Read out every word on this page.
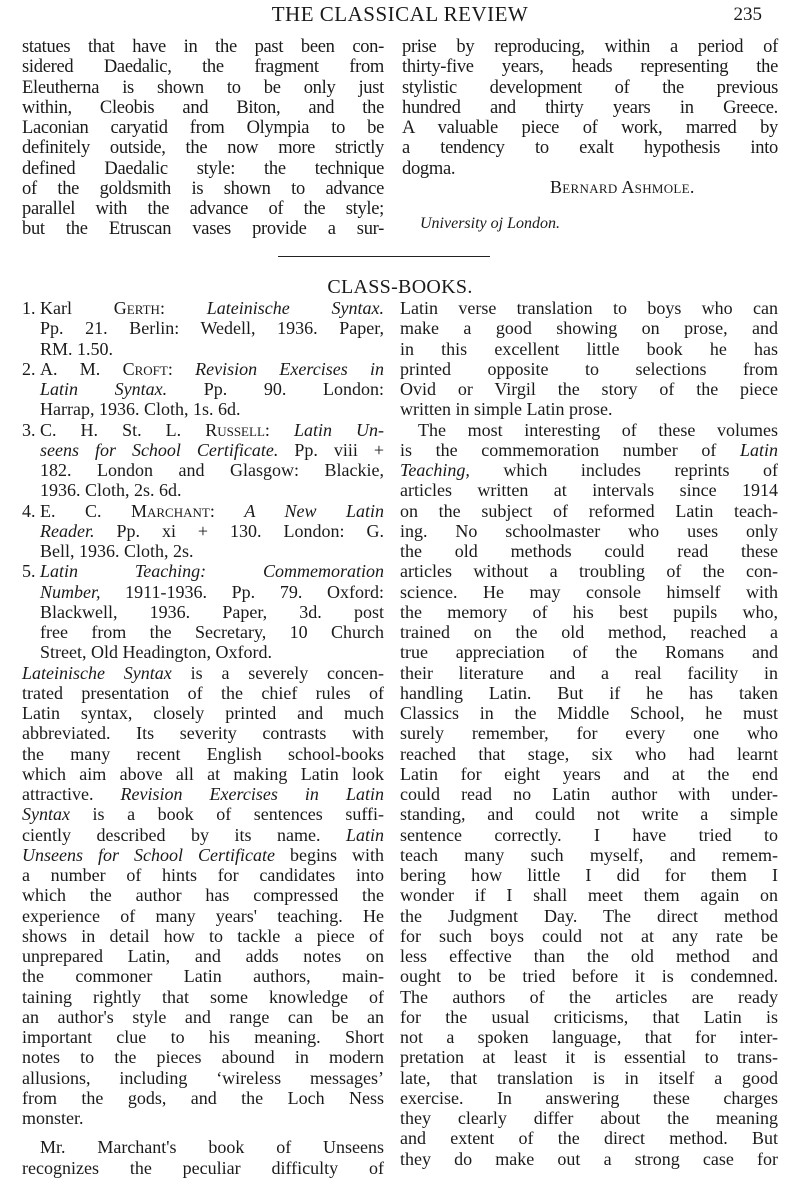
THE CLASSICAL REVIEW	235
statues that have in the past been con-
sidered Daedalic, the fragment from
Eleutherna is shown to be only just
within, Cleobis and Biton, and the
Laconian caryatid from Olympia to be
definitely outside, the now more strictly
defined Daedalic style: the technique
of the goldsmith is shown to advance
parallel with the advance of the style;
but the Etruscan vases provide a sur-
prise by reproducing, within a period of
thirty-five years, heads representing the
stylistic development of the previous
hundred and thirty years in Greece.
A valuable piece of work, marred by
a tendency to exalt hypothesis into
dogma.
Bernard Ashmole.
University oj London.
CLASS-BOOKS.
1. Karl Gerth: Lateinische Syntax.
Pp. 21. Berlin: Wedell, 1936. Paper,
RM. 1.50.
2. A. M. Croft: Revision Exercises in
Latin Syntax. Pp. 90. London:
Harrap, 1936. Cloth, 1s. 6d.
3. C. H. St. L. Russell: Latin Un-
seens for School Certificate. Pp. viii +
182. London and Glasgow: Blackie,
1936. Cloth, 2s. 6d.
4. E. C. Marchant: A New Latin
Reader. Pp. xi + 130. London: G.
Bell, 1936. Cloth, 2s.
5. Latin Teaching: Commemoration
Number, 1911-1936. Pp. 79. Oxford:
Blackwell, 1936. Paper, 3d. post
free from the Secretary, 10 Church
Street, Old Headington, Oxford.
Lateinische Syntax is a severely concen-
trated presentation of the chief rules of
Latin syntax, closely printed and much
abbreviated. Its severity contrasts with
the many recent English school-books
which aim above all at making Latin look
attractive. Revision Exercises in Latin
Syntax is a book of sentences suffi-
ciently described by its name. Latin
Unseens for School Certificate begins with
a number of hints for candidates into
which the author has compressed the
experience of many years' teaching. He
shows in detail how to tackle a piece of
unprepared Latin, and adds notes on
the commoner Latin authors, main-
taining rightly that some knowledge of
an author's style and range can be an
important clue to his meaning. Short
notes to the pieces abound in modern
allusions, including ‘wireless messages’
from the gods, and the Loch Ness
monster.
Mr. Marchant's book of Unseens
recognizes the peculiar difficulty of
Latin verse translation to boys who can
make a good showing on prose, and
in this excellent little book he has
printed opposite to selections from
Ovid or Virgil the story of the piece
written in simple Latin prose.
The most interesting of these volumes
is the commemoration number of Latin
Teaching, which includes reprints of
articles written at intervals since 1914
on the subject of reformed Latin teach-
ing. No schoolmaster who uses only
the old methods could read these
articles without a troubling of the con-
science. He may console himself with
the memory of his best pupils who,
trained on the old method, reached a
true appreciation of the Romans and
their literature and a real facility in
handling Latin. But if he has taken
Classics in the Middle School, he must
surely remember, for every one who
reached that stage, six who had learnt
Latin for eight years and at the end
could read no Latin author with under-
standing, and could not write a simple
sentence correctly. I have tried to
teach many such myself, and remem-
bering how little I did for them I
wonder if I shall meet them again on
the Judgment Day. The direct method
for such boys could not at any rate be
less effective than the old method and
ought to be tried before it is condemned.
The authors of the articles are ready
for the usual criticisms, that Latin is
not a spoken language, that for inter-
pretation at least it is essential to trans-
late, that translation is in itself a good
exercise. In answering these charges
they clearly differ about the meaning
and extent of the direct method. But
they do make out a strong case for
